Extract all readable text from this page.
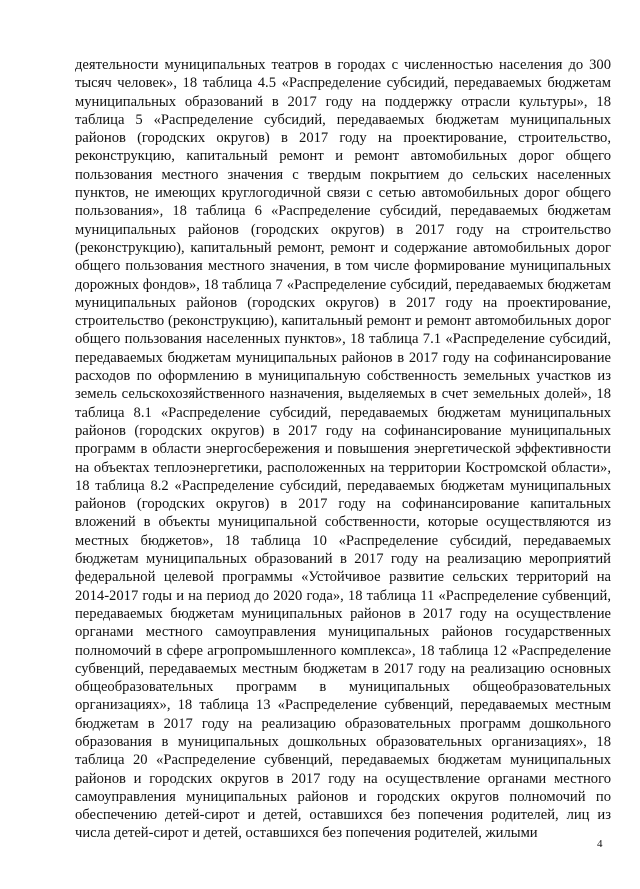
деятельности муниципальных театров в городах с численностью населения до 300 тысяч человек», 18 таблица 4.5 «Распределение субсидий, передаваемых бюджетам муниципальных образований в 2017 году на поддержку отрасли культуры», 18 таблица 5 «Распределение субсидий, передаваемых бюджетам муниципальных районов (городских округов) в 2017 году на проектирование, строительство, реконструкцию, капитальный ремонт и ремонт автомобильных дорог общего пользования местного значения с твердым покрытием до сельских населенных пунктов, не имеющих круглогодичной связи с сетью автомобильных дорог общего пользования», 18 таблица 6 «Распределение субсидий, передаваемых бюджетам муниципальных районов (городских округов) в 2017 году на строительство (реконструкцию), капитальный ремонт, ремонт и содержание автомобильных дорог общего пользования местного значения, в том числе формирование муниципальных дорожных фондов», 18 таблица 7 «Распределение субсидий, передаваемых бюджетам муниципальных районов (городских округов) в 2017 году на проектирование, строительство (реконструкцию), капитальный ремонт и ремонт автомобильных дорог общего пользования населенных пунктов», 18 таблица 7.1 «Распределение субсидий, передаваемых бюджетам муниципальных районов в 2017 году на софинансирование расходов по оформлению в муниципальную собственность земельных участков из земель сельскохозяйственного назначения, выделяемых в счет земельных долей», 18 таблица 8.1 «Распределение субсидий, передаваемых бюджетам муниципальных районов (городских округов) в 2017 году на софинансирование муниципальных программ в области энергосбережения и повышения энергетической эффективности на объектах теплоэнергетики, расположенных на территории Костромской области», 18 таблица 8.2 «Распределение субсидий, передаваемых бюджетам муниципальных районов (городских округов) в 2017 году на софинансирование капитальных вложений в объекты муниципальной собственности, которые осуществляются из местных бюджетов», 18 таблица 10 «Распределение субсидий, передаваемых бюджетам муниципальных образований в 2017 году на реализацию мероприятий федеральной целевой программы «Устойчивое развитие сельских территорий на 2014-2017 годы и на период до 2020 года», 18 таблица 11 «Распределение субвенций, передаваемых бюджетам муниципальных районов в 2017 году на осуществление органами местного самоуправления муниципальных районов государственных полномочий в сфере агропромышленного комплекса», 18 таблица 12 «Распределение субвенций, передаваемых местным бюджетам в 2017 году на реализацию основных общеобразовательных программ в муниципальных общеобразовательных организациях», 18 таблица 13 «Распределение субвенций, передаваемых местным бюджетам в 2017 году на реализацию образовательных программ дошкольного образования в муниципальных дошкольных образовательных организациях», 18 таблица 20 «Распределение субвенций, передаваемых бюджетам муниципальных районов и городских округов в 2017 году на осуществление органами местного самоуправления муниципальных районов и городских округов полномочий по обеспечению детей-сирот и детей, оставшихся без попечения родителей, лиц из числа детей-сирот и детей, оставшихся без попечения родителей, жилыми

4
